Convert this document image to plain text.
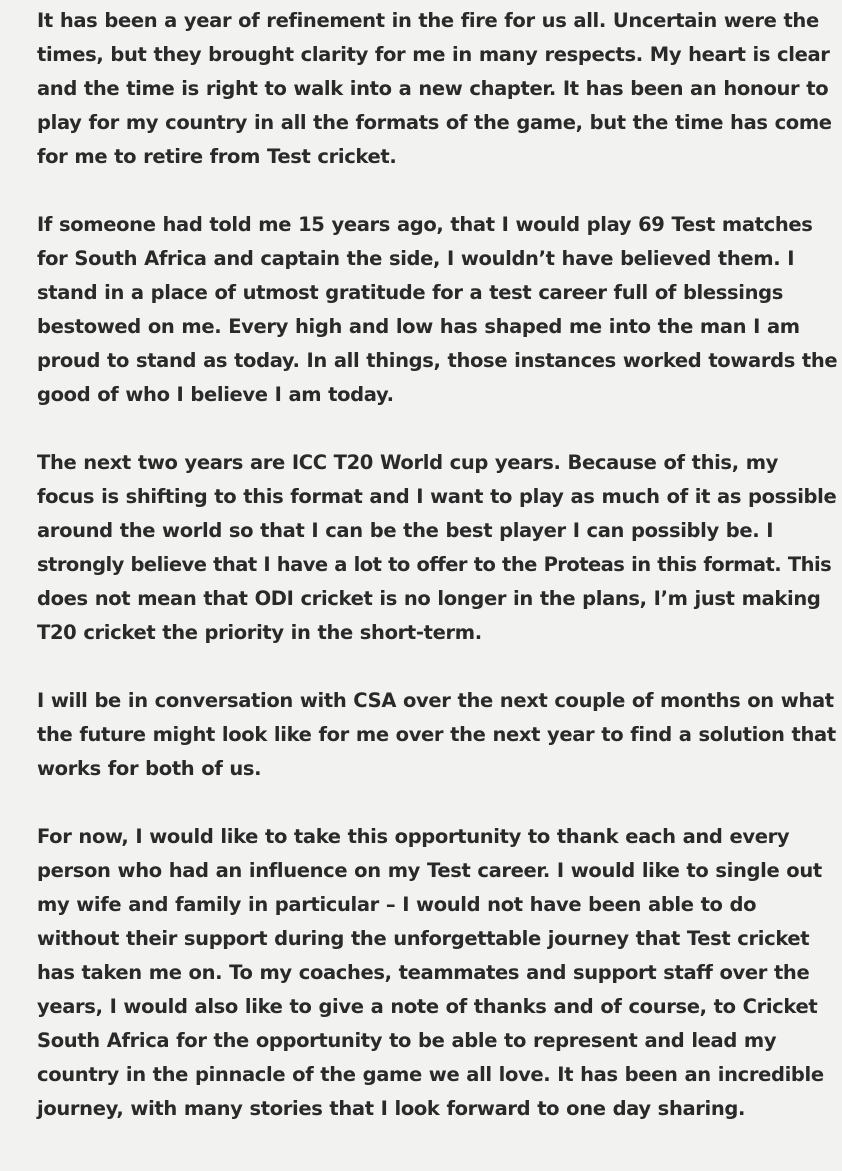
It has been a year of refinement in the fire for us all. Uncertain were the
times, but they brought clarity for me in many respects. My heart is clear
and the time is right to walk into a new chapter. It has been an honour to
play for my country in all the formats of the game, but the time has come
for me to retire from Test cricket.

If someone had told me 15 years ago, that I would play 69 Test matches
for South Africa and captain the side, I wouldn’t have believed them. I
stand in a place of utmost gratitude for a test career full of blessings
bestowed on me. Every high and low has shaped me into the man I am
proud to stand as today. In all things, those instances worked towards the
good of who I believe I am today.

The next two years are ICC T20 World cup years. Because of this, my
focus is shifting to this format and I want to play as much of it as possible
around the world so that I can be the best player I can possibly be. I
strongly believe that I have a lot to offer to the Proteas in this format. This
does not mean that ODI cricket is no longer in the plans, I’m just making
T20 cricket the priority in the short-term.

I will be in conversation with CSA over the next couple of months on what
the future might look like for me over the next year to find a solution that
works for both of us.

For now, I would like to take this opportunity to thank each and every
person who had an influence on my Test career. I would like to single out
my wife and family in particular – I would not have been able to do
without their support during the unforgettable journey that Test cricket
has taken me on. To my coaches, teammates and support staff over the
years, I would also like to give a note of thanks and of course, to Cricket
South Africa for the opportunity to be able to represent and lead my
country in the pinnacle of the game we all love. It has been an incredible
journey, with many stories that I look forward to one day sharing.
